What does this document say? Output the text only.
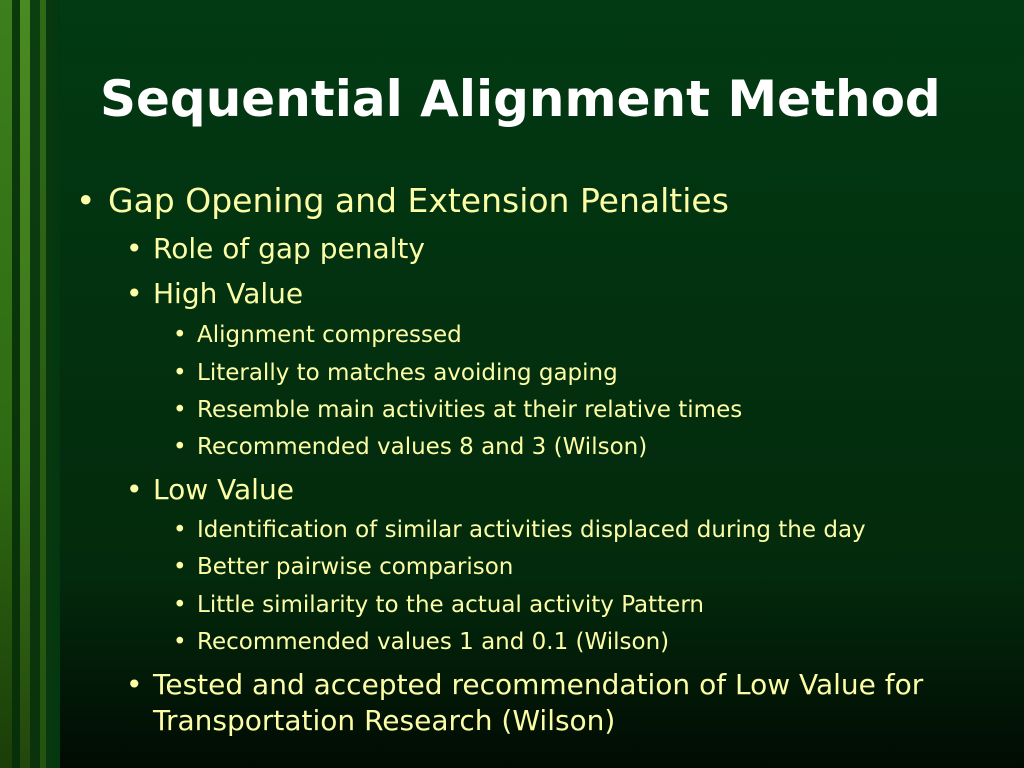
Sequential Alignment Method
• Gap Opening and Extension Penalties
• Role of gap penalty
• High Value
• Alignment compressed
• Literally to matches avoiding gaping
• Resemble main activities at their relative times
• Recommended values 8 and 3 (Wilson)
• Low Value
• Identification of similar activities displaced during the day
• Better pairwise comparison
• Little similarity to the actual activity Pattern
• Recommended values 1 and 0.1 (Wilson)
• Tested and accepted recommendation of Low Value for Transportation Research (Wilson)
